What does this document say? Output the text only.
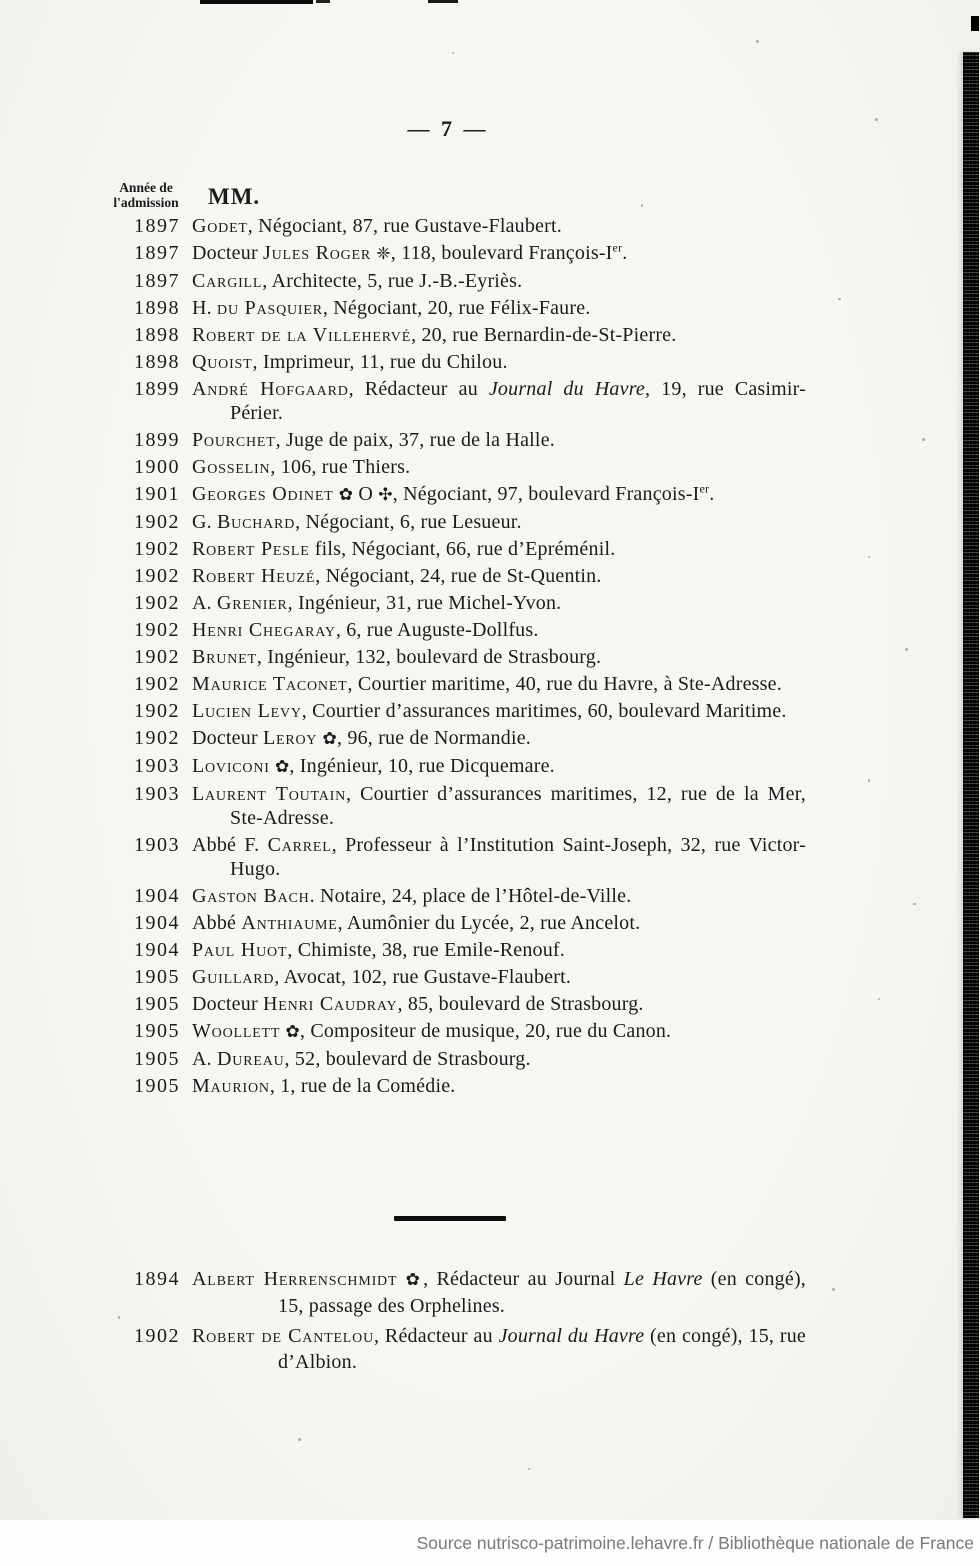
— 7 —
Année de
l'admission	MM.
1897 Godet, Négociant, 87, rue Gustave-Flaubert.

1897 Docteur Jules Roger ❈, 118, boulevard François-Ier.

1897 Cargill, Architecte, 5, rue J.-B.-Eyriès.

1898 H. du Pasquier, Négociant, 20, rue Félix-Faure.

1898 Robert de la Villehervé, 20, rue Bernardin-de-St-Pierre.

1898 Quoist, Imprimeur, 11, rue du Chilou.

1899 André Hofgaard, Rédacteur au Journal du Havre, 19, rue Casimir-Périer.

1899 Pourchet, Juge de paix, 37, rue de la Halle.

1900 Gosselin, 106, rue Thiers.

1901 Georges Odinet ✿ O ✣, Négociant, 97, boulevard François-Ier.

1902 G. Buchard, Négociant, 6, rue Lesueur.

1902 Robert Pesle fils, Négociant, 66, rue d’Epréménil.

1902 Robert Heuzé, Négociant, 24, rue de St-Quentin.

1902 A. Grenier, Ingénieur, 31, rue Michel-Yvon.

1902 Henri Chegaray, 6, rue Auguste-Dollfus.

1902 Brunet, Ingénieur, 132, boulevard de Strasbourg.

1902 Maurice Taconet, Courtier maritime, 40, rue du Havre, à Ste-Adresse.

1902 Lucien Levy, Courtier d’assurances maritimes, 60, boulevard Maritime.

1902 Docteur Leroy ✿, 96, rue de Normandie.

1903 Loviconi ✿, Ingénieur, 10, rue Dicquemare.

1903 Laurent Toutain, Courtier d’assurances maritimes, 12, rue de la Mer, Ste-Adresse.

1903 Abbé F. Carrel, Professeur à l’Institution Saint-Joseph, 32, rue Victor-Hugo.

1904 Gaston Bach. Notaire, 24, place de l’Hôtel-de-Ville.

1904 Abbé Anthiaume, Aumônier du Lycée, 2, rue Ancelot.

1904 Paul Huot, Chimiste, 38, rue Emile-Renouf.

1905 Guillard, Avocat, 102, rue Gustave-Flaubert.

1905 Docteur Henri Caudray, 85, boulevard de Strasbourg.

1905 Woollett ✿, Compositeur de musique, 20, rue du Canon.

1905 A. Dureau, 52, boulevard de Strasbourg.

1905 Maurion, 1, rue de la Comédie.

1894 Albert Herrenschmidt ✿, Rédacteur au Journal Le Havre (en congé), 15, passage des Orphelines.

1902 Robert de Cantelou, Rédacteur au Journal du Havre (en congé), 15, rue d’Albion.

Source nutrisco-patrimoine.lehavre.fr / Bibliothèque nationale de France
